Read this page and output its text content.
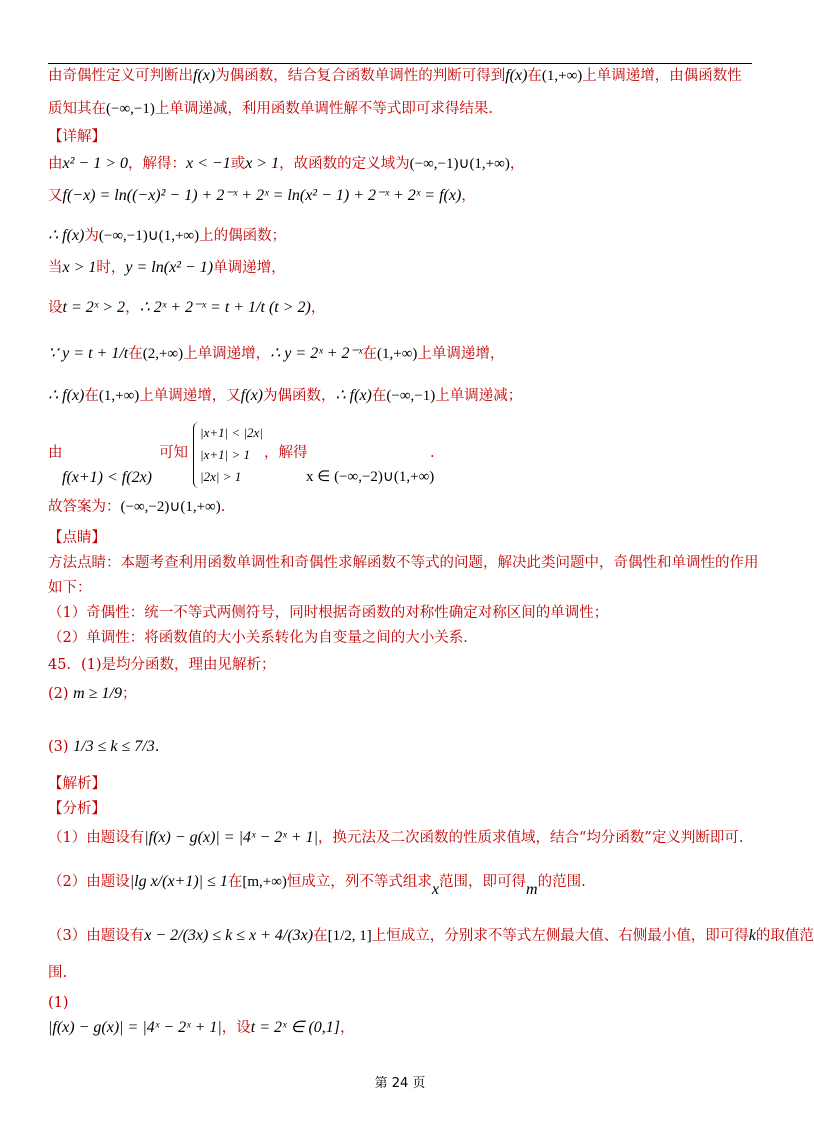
由奇偶性定义可判断出f(x)为偶函数，结合复合函数单调性的判断可得到f(x)在(1,+∞)上单调递增，由偶函数性
质知其在(−∞,−1)上单调递减，利用函数单调性解不等式即可求得结果.
【详解】
由x² − 1 > 0，解得：x < −1或x > 1，故函数的定义域为(−∞,−1)∪(1,+∞)，
又f(−x) = ln((−x)² − 1) + 2⁻ˣ + 2ˣ = ln(x² − 1) + 2⁻ˣ + 2ˣ = f(x)，
∴ f(x)为(−∞,−1)∪(1,+∞)上的偶函数；
当x > 1时，y = ln(x² − 1)单调递增，
设t = 2ˣ > 2，∴ 2ˣ + 2⁻ˣ = t + 1/t (t > 2)，
∵ y = t + 1/t在(2,+∞)上单调递增，∴ y = 2ˣ + 2⁻ˣ在(1,+∞)上单调递增，
∴ f(x)在(1,+∞)上单调递增，又f(x)为偶函数，∴ f(x)在(−∞,−1)上单调递减；
由
f(x+1) < f(2x)
可知
|x+1| < |2x|
|x+1| > 1
|2x| > 1
，解得
x ∈ (−∞,−2)∪(1,+∞)
.
故答案为：(−∞,−2)∪(1,+∞).
【点睛】
方法点睛：本题考查利用函数单调性和奇偶性求解函数不等式的问题，解决此类问题中，奇偶性和单调性的作用
如下：
（1）奇偶性：统一不等式两侧符号，同时根据奇函数的对称性确定对称区间的单调性；
（2）单调性：将函数值的大小关系转化为自变量之间的大小关系.
45．(1)是均分函数，理由见解析；
(2) m ≥ 1/9；
(3) 1/3 ≤ k ≤ 7/3.
【解析】
【分析】
（1）由题设有|f(x) − g(x)| = |4ˣ − 2ˣ + 1|，换元法及二次函数的性质求值域，结合“均分函数”定义判断即可.
（2）由题设|lg x/(x+1)| ≤ 1在[m,+∞)恒成立，列不等式组求x范围，即可得m的范围.
（3）由题设有x − 2/(3x) ≤ k ≤ x + 4/(3x)在[1/2, 1]上恒成立，分别求不等式左侧最大值、右侧最小值，即可得k的取值范
围.
(1)
|f(x) − g(x)| = |4ˣ − 2ˣ + 1|，设t = 2ˣ ∈ (0,1]，
第 24 页
